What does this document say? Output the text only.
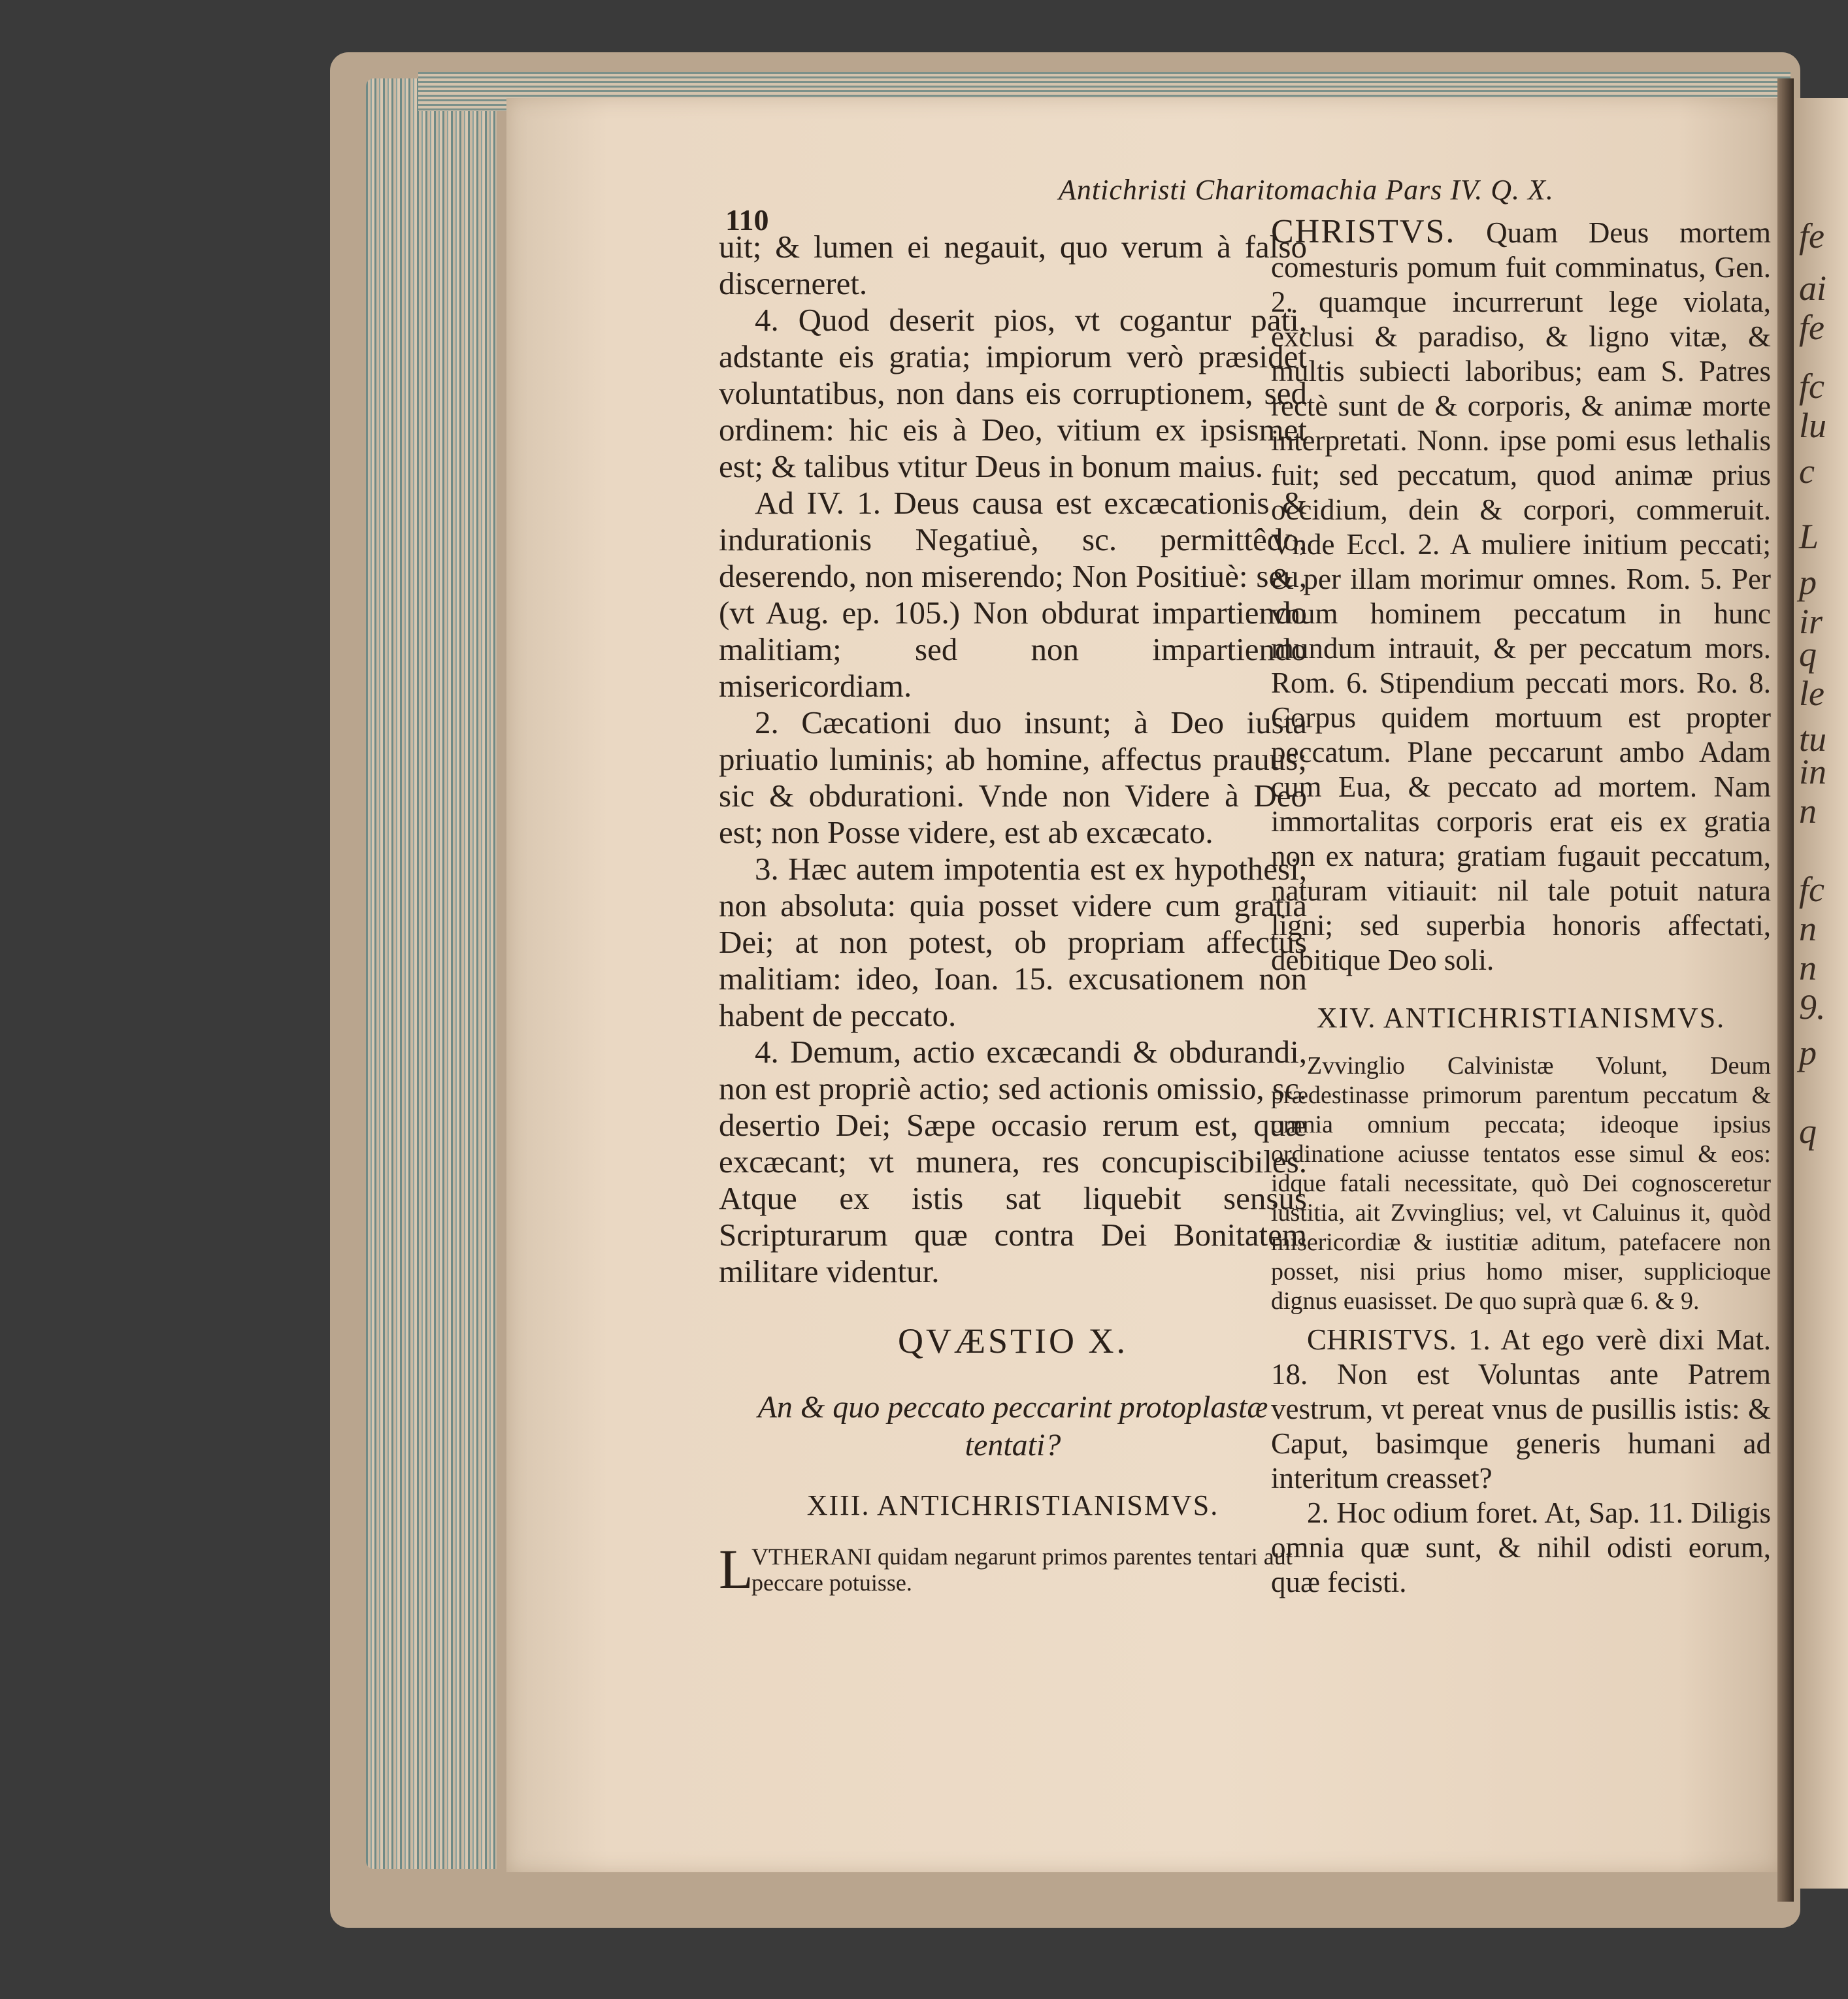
fe
ai
fe
fc
lu
c
L
p
ir
q
le
tu
in
n
fc
n
n
9.
p
q
110
Antichristi Charitomachia Pars IV. Q. X.

uit; & lumen ei negauit, quo verum à falso discerneret.

4. Quod deserit pios, vt cogantur pati, adstante eis gratia; impiorum verò præsidet voluntatibus, non dans eis corruptionem, sed ordinem: hic eis à Deo, vitium ex ipsismet est; & talibus vtitur Deus in bonum maius.

Ad IV. 1. Deus causa est excæcationis & indurationis Negatiuè, sc. permittêdo, deserendo, non miserendo; Non Positiuè: seu, (vt Aug. ep. 105.) Non obdurat impartiendo malitiam; sed non impartiendo misericordiam.

2. Cæcationi duo insunt; à Deo iusta priuatio luminis; ab homine, affectus prauus; sic & obdurationi. Vnde non Videre à Deo est; non Posse videre, est ab excæcato.

3. Hæc autem impotentia est ex hypothesi, non absoluta: quia posset videre cum gratia Dei; at non potest, ob propriam affectus malitiam: ideo, Ioan. 15. excusationem non habent de peccato.

4. Demum, actio excæcandi & obdurandi, non est propriè actio; sed actionis omissio, sc. desertio Dei; Sæpe occasio rerum est, quæ excæcant; vt munera, res concupiscibiles. Atque ex istis sat liquebit sensus Scripturarum quæ contra Dei Bonitatem militare videntur.

QVÆSTIO X.
An & quo peccato peccarint protoplastæ tentati?
XIII. ANTICHRISTIANISMVS.
L
VTHERANI quidam negarunt primos parentes tentari aut peccare potuisse.

CHRISTVS. Quam Deus mortem comesturis pomum fuit comminatus, Gen. 2. quamque incurrerunt lege violata, exclusi & paradiso, & ligno vitæ, & multis subiecti laboribus; eam S. Patres rectè sunt de & corporis, & animæ morte interpretati. Nonn. ipse pomi esus lethalis fuit; sed peccatum, quod animæ prius occidium, dein & corpori, commeruit. Vnde Eccl. 2. A muliere initium peccati; & per illam morimur omnes. Rom. 5. Per vnum hominem peccatum in hunc mundum intrauit, & per peccatum mors. Rom. 6. Stipendium peccati mors. Ro. 8. Corpus quidem mortuum est propter peccatum. Plane peccarunt ambo Adam cum Eua, & peccato ad mortem. Nam immortalitas corporis erat eis ex gratia non ex natura; gratiam fugauit peccatum, naturam vitiauit: nil tale potuit natura ligni; sed superbia honoris affectati, debitique Deo soli.

XIV. ANTICHRISTIANISMVS.

Zvvinglio Calvinistæ Volunt, Deum prædestinasse primorum parentum peccatum & omnia omnium peccata; ideoque ipsius ordinatione aciusse tentatos esse simul & eos: idque fatali necessitate, quò Dei cognosceretur iustitia, ait Zvvinglius; vel, vt Caluinus it, quòd misericordiæ & iustitiæ aditum, patefacere non posset, nisi prius homo miser, supplicioque dignus euasisset. De quo suprà quæ 6. & 9.

CHRISTVS. 1. At ego verè dixi Mat. 18. Non est Voluntas ante Patrem vestrum, vt pereat vnus de pusillis istis: & Caput, basimque generis humani ad interitum creasset?

2. Hoc odium foret. At, Sap. 11. Diligis omnia quæ sunt, & nihil odisti eorum, quæ fecisti.
